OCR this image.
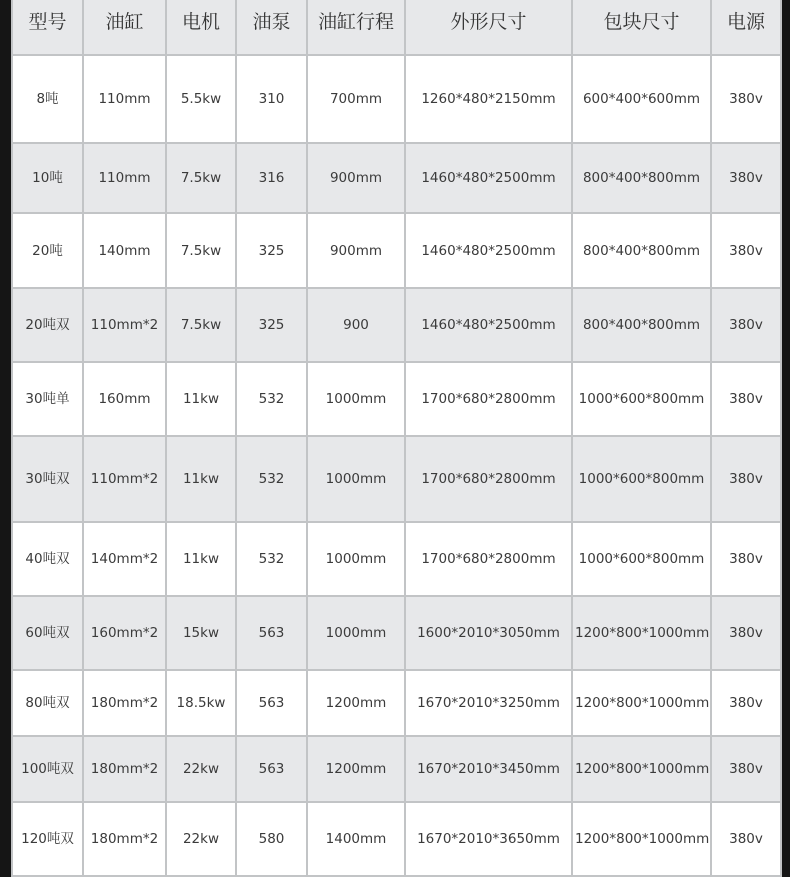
型号	油缸	电机	油泵	油缸行程	外形尺寸	包块尺寸	电源
8吨	110mm	5.5kw	310	700mm	1260*480*2150mm	600*400*600mm	380v
10吨	110mm	7.5kw	316	900mm	1460*480*2500mm	800*400*800mm	380v
20吨	140mm	7.5kw	325	900mm	1460*480*2500mm	800*400*800mm	380v
20吨双	110mm*2	7.5kw	325	900	1460*480*2500mm	800*400*800mm	380v
30吨单	160mm	11kw	532	1000mm	1700*680*2800mm	1000*600*800mm	380v
30吨双	110mm*2	11kw	532	1000mm	1700*680*2800mm	1000*600*800mm	380v
40吨双	140mm*2	11kw	532	1000mm	1700*680*2800mm	1000*600*800mm	380v
60吨双	160mm*2	15kw	563	1000mm	1600*2010*3050mm	1200*800*1000mm	380v
80吨双	180mm*2	18.5kw	563	1200mm	1670*2010*3250mm	1200*800*1000mm	380v
100吨双	180mm*2	22kw	563	1200mm	1670*2010*3450mm	1200*800*1000mm	380v
120吨双	180mm*2	22kw	580	1400mm	1670*2010*3650mm	1200*800*1000mm	380v
